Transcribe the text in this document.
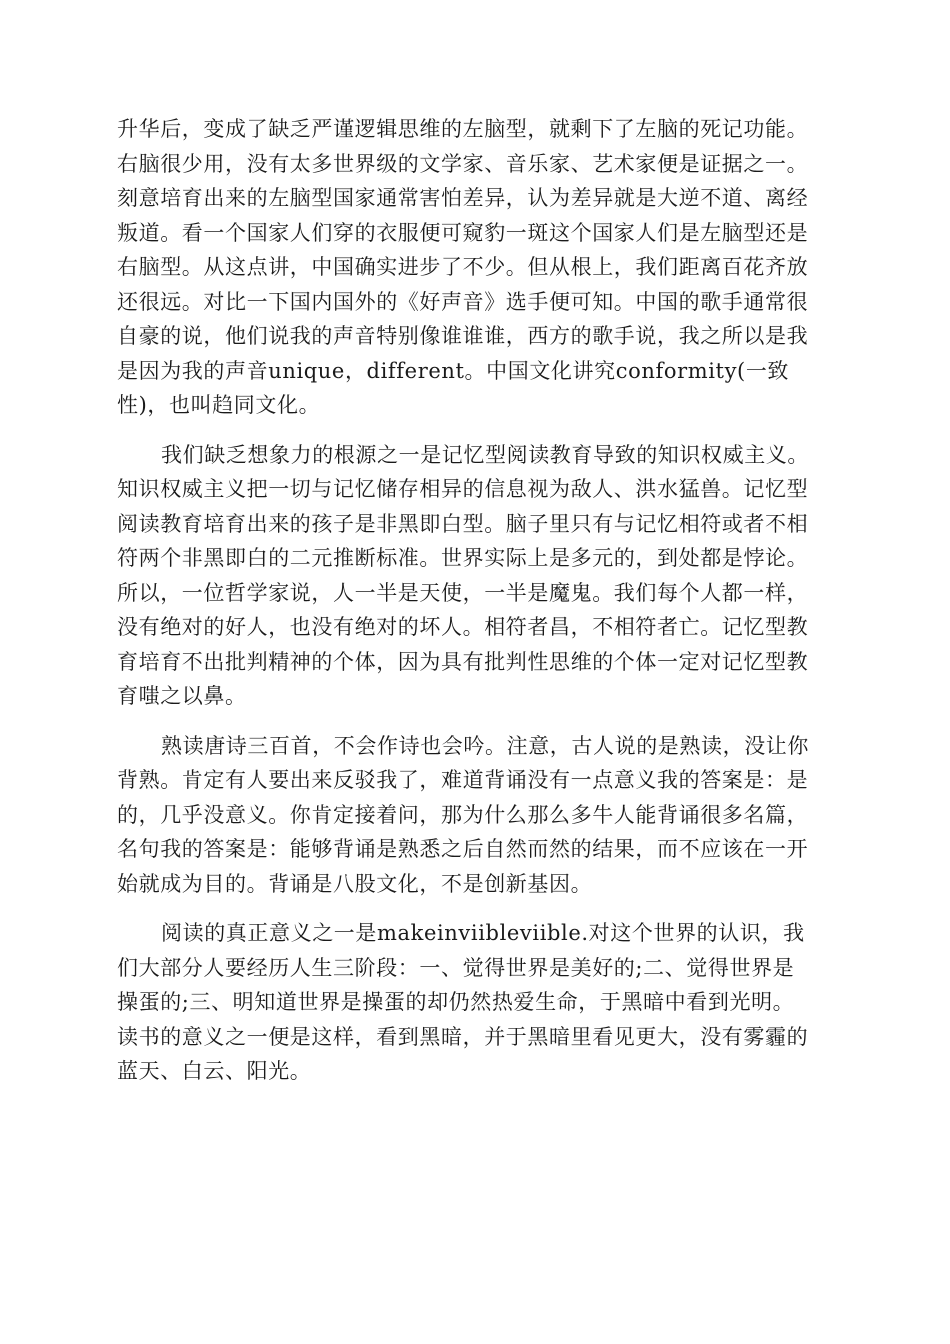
升华后，变成了缺乏严谨逻辑思维的左脑型，就剩下了左脑的死记功能。
右脑很少用，没有太多世界级的文学家、音乐家、艺术家便是证据之一。
刻意培育出来的左脑型国家通常害怕差异，认为差异就是大逆不道、离经
叛道。看一个国家人们穿的衣服便可窥豹一斑这个国家人们是左脑型还是
右脑型。从这点讲，中国确实进步了不少。但从根上，我们距离百花齐放
还很远。对比一下国内国外的《好声音》选手便可知。中国的歌手通常很
自豪的说，他们说我的声音特别像谁谁谁，西方的歌手说，我之所以是我
是因为我的声音unique，different。中国文化讲究conformity(一致
性)，也叫趋同文化。
我们缺乏想象力的根源之一是记忆型阅读教育导致的知识权威主义。
知识权威主义把一切与记忆储存相异的信息视为敌人、洪水猛兽。记忆型
阅读教育培育出来的孩子是非黑即白型。脑子里只有与记忆相符或者不相
符两个非黑即白的二元推断标准。世界实际上是多元的，到处都是悖论。
所以，一位哲学家说，人一半是天使，一半是魔鬼。我们每个人都一样，
没有绝对的好人，也没有绝对的坏人。相符者昌，不相符者亡。记忆型教
育培育不出批判精神的个体，因为具有批判性思维的个体一定对记忆型教
育嗤之以鼻。
熟读唐诗三百首，不会作诗也会吟。注意，古人说的是熟读，没让你
背熟。肯定有人要出来反驳我了，难道背诵没有一点意义我的答案是：是
的，几乎没意义。你肯定接着问，那为什么那么多牛人能背诵很多名篇，
名句我的答案是：能够背诵是熟悉之后自然而然的结果，而不应该在一开
始就成为目的。背诵是八股文化，不是创新基因。
阅读的真正意义之一是makeinviibleviible.对这个世界的认识，我
们大部分人要经历人生三阶段：一、觉得世界是美好的;二、觉得世界是
操蛋的;三、明知道世界是操蛋的却仍然热爱生命，于黑暗中看到光明。
读书的意义之一便是这样，看到黑暗，并于黑暗里看见更大，没有雾霾的
蓝天、白云、阳光。
